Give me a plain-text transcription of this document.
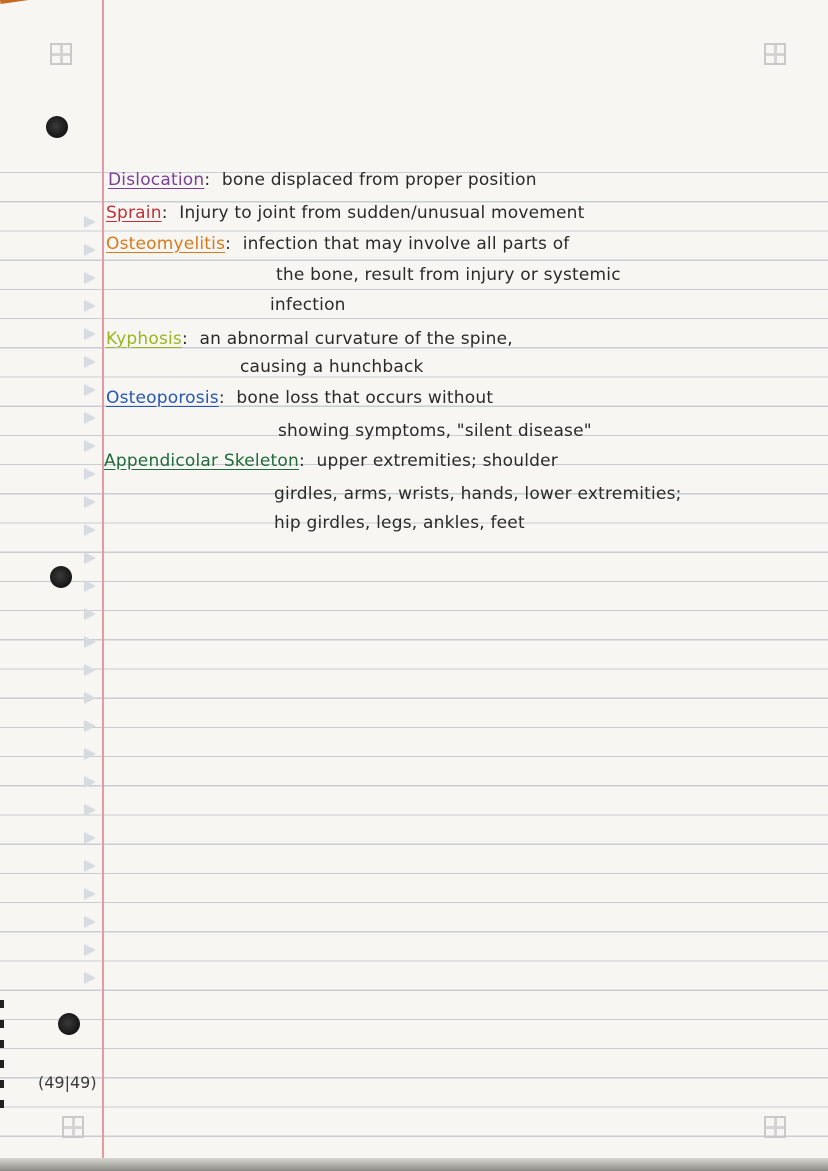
Dislocation: bone displaced from proper position
Sprain: Injury to joint from sudden/unusual movement
Osteomyelitis: infection that may involve all parts of
the bone, result from injury or systemic
infection
Kyphosis: an abnormal curvature of the spine,
causing a hunchback
Osteoporosis: bone loss that occurs without
showing symptoms, "silent disease"
Appendicolar Skeleton: upper extremities; shoulder
girdles, arms, wrists, hands, lower extremities;
hip girdles, legs, ankles, feet
(49|49)
